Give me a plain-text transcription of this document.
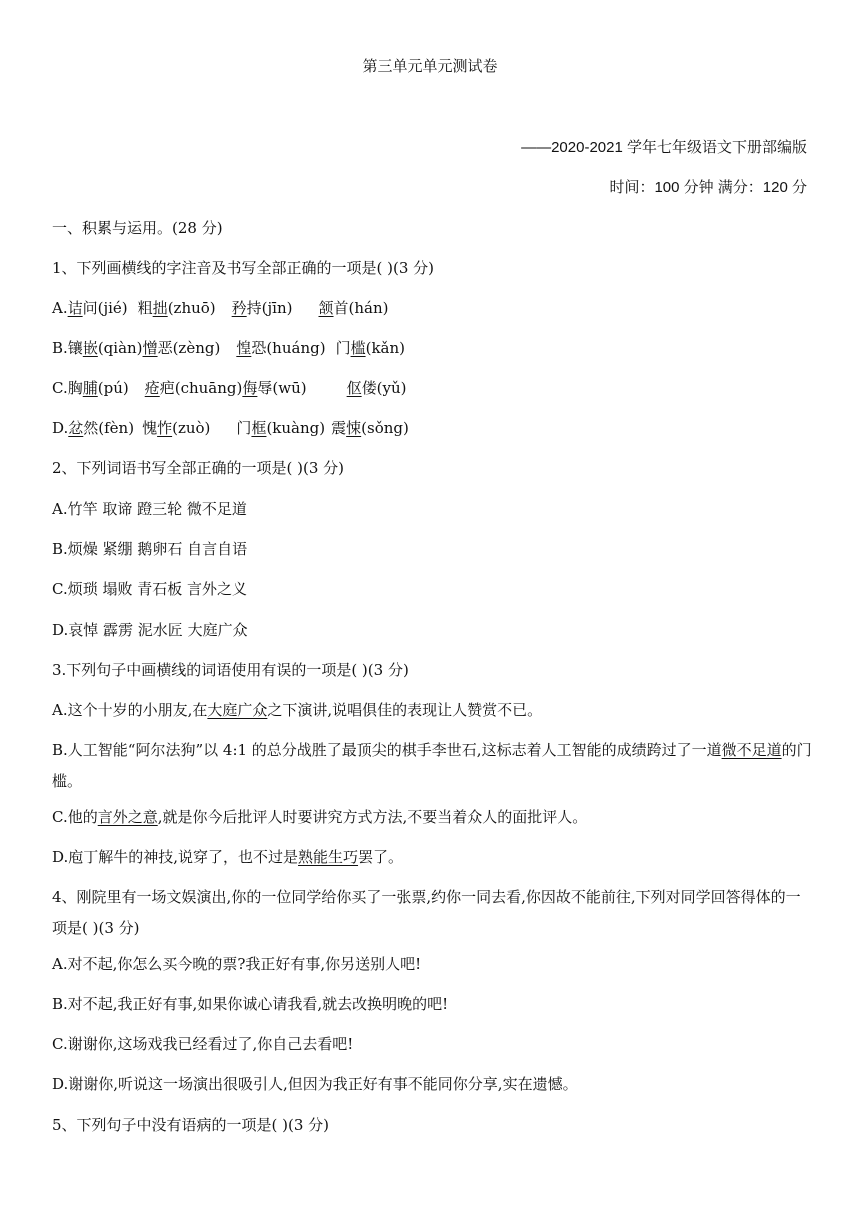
第三单元单元测试卷
——2020-2021 学年七年级语文下册部编版
时间：100 分钟 满分：120 分
一、积累与运用。(28 分)
1、下列画横线的字注音及书写全部正确的一项是( )(3 分)
A.诘问(jié) 粗拙(zhuō) 矜持(jīn) 颔首(hán)
B.镶嵌(qiàn)憎恶(zèng) 惶恐(huáng) 门槛(kǎn)
C.胸脯(pú) 疮疤(chuāng)侮辱(wū)	伛偻(yǔ)
D.忿然(fèn) 愧怍(zuò) 门框(kuàng) 震悚(sǒng)
2、下列词语书写全部正确的一项是( )(3 分)
A.竹竿 取谛 蹬三轮 微不足道
B.烦燥 紧绷 鹅卵石 自言自语
C.烦琐 塌败 青石板 言外之义
D.哀悼 霹雳 泥水匠 大庭广众
3.下列句子中画横线的词语使用有误的一项是( )(3 分)
A.这个十岁的小朋友,在大庭广众之下演讲,说唱俱佳的表现让人赞赏不已。
B.人工智能“阿尔法狗”以 4:1 的总分战胜了最顶尖的棋手李世石,这标志着人工智能的成绩跨过了一道微不足道的门槛。
C.他的言外之意,就是你今后批评人时要讲究方式方法,不要当着众人的面批评人。
D.庖丁解牛的神技,说穿了，也不过是熟能生巧罢了。
4、刚院里有一场文娱演出,你的一位同学给你买了一张票,约你一同去看,你因故不能前往,下列对同学回答得体的一项是( )(3 分)
A.对不起,你怎么买今晚的票?我正好有事,你另送别人吧!
B.对不起,我正好有事,如果你诚心请我看,就去改换明晚的吧!
C.谢谢你,这场戏我已经看过了,你自己去看吧!
D.谢谢你,听说这一场演出很吸引人,但因为我正好有事不能同你分享,实在遗憾。
5、下列句子中没有语病的一项是( )(3 分)
